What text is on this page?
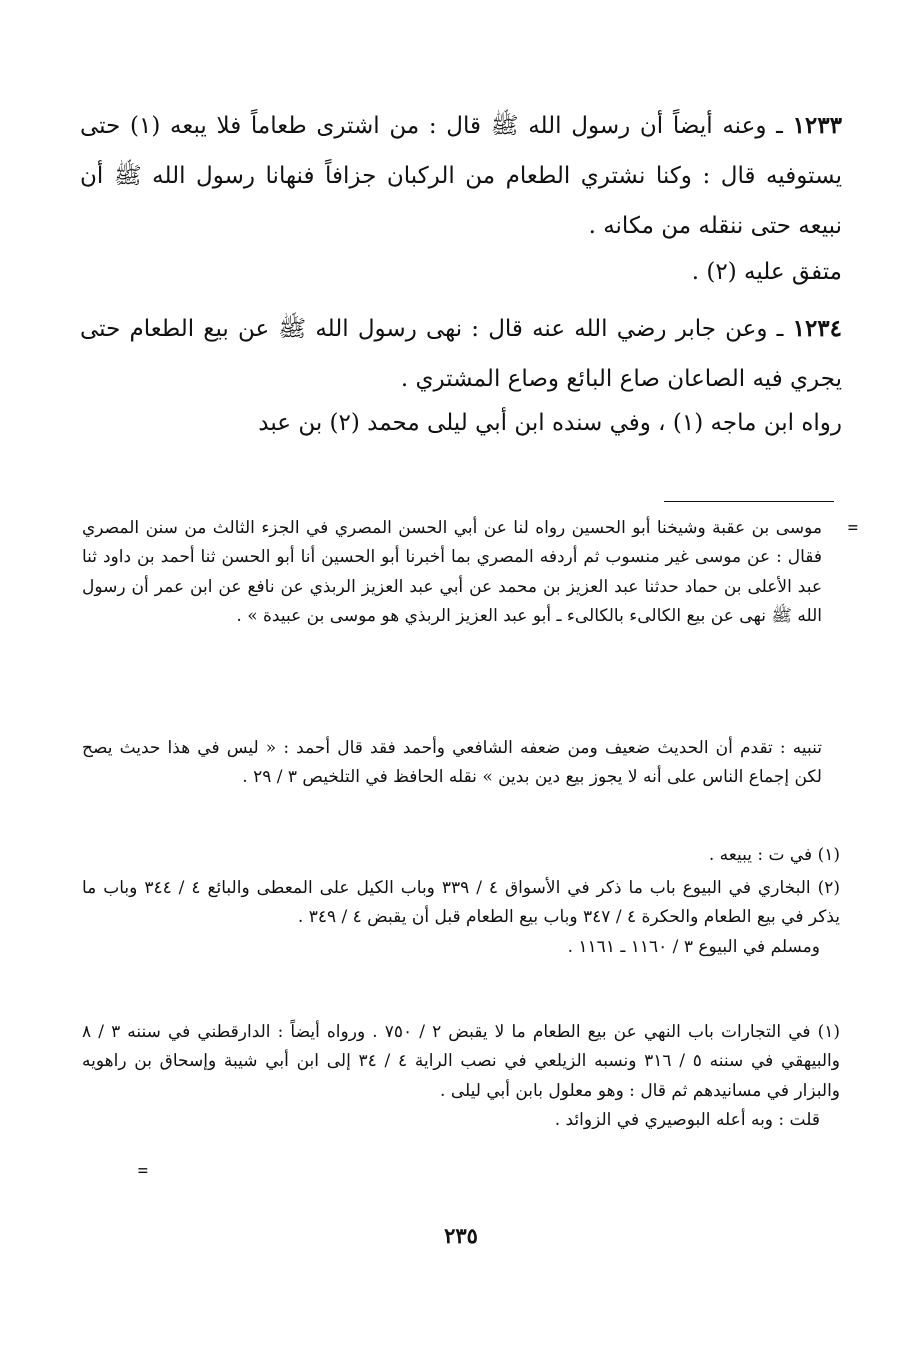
١٢٣٣ ـ وعنه أيضاً أن رسول الله ﷺ قال : من اشترى طعاماً فلا يبعه (١) حتى يستوفيه قال : وكنا نشتري الطعام من الركبان جزافاً فنهانا رسول الله ﷺ أن نبيعه حتى ننقله من مكانه .

متفق عليه (٢) .

١٢٣٤ ـ وعن جابر رضي الله عنه قال : نهى رسول الله ﷺ عن بيع الطعام حتى يجري فيه الصاعان صاع البائع وصاع المشتري .

رواه ابن ماجه (١) ، وفي سنده ابن أبي ليلى محمد (٢) بن عبد

=

موسى بن عقبة وشيخنا أبو الحسين رواه لنا عن أبي الحسن المصري في الجزء الثالث من سنن المصري فقال : عن موسى غير منسوب ثم أردفه المصري بما أخبرنا أبو الحسين أنا أبو الحسن ثنا أحمد بن داود ثنا عبد الأعلى بن حماد حدثنا عبد العزيز بن محمد عن أبي عبد العزيز الربذي عن نافع عن ابن عمر أن رسول الله ﷺ نهى عن بيع الكالىء بالكالىء ـ أبو عبد العزيز الربذي هو موسى بن عبيدة » .

تنبيه : تقدم أن الحديث ضعيف ومن ضعفه الشافعي وأحمد فقد قال أحمد : « ليس في هذا حديث يصح لكن إجماع الناس على أنه لا يجوز بيع دين بدين » نقله الحافظ في التلخيص ٣ / ٢٩ .

(١) في ت : يبيعه .

(٢) البخاري في البيوع باب ما ذكر في الأسواق ٤ / ٣٣٩ وباب الكيل على المعطى والبائع ٤ / ٣٤٤ وباب ما يذكر في بيع الطعام والحكرة ٤ / ٣٤٧ وباب بيع الطعام قبل أن يقبض ٤ / ٣٤٩ .

ومسلم في البيوع ٣ / ١١٦٠ ـ ١١٦١ .

(١) في التجارات باب النهي عن بيع الطعام ما لا يقبض ٢ / ٧٥٠ . ورواه أيضاً : الدارقطني في سننه ٣ / ٨ والبيهقي في سننه ٥ / ٣١٦ ونسبه الزيلعي في نصب الراية ٤ / ٣٤ إلى ابن أبي شيبة وإسحاق بن راهويه والبزار في مسانيدهم ثم قال : وهو معلول بابن أبي ليلى .

قلت : وبه أعله البوصيري في الزوائد .

=
٢٣٥
